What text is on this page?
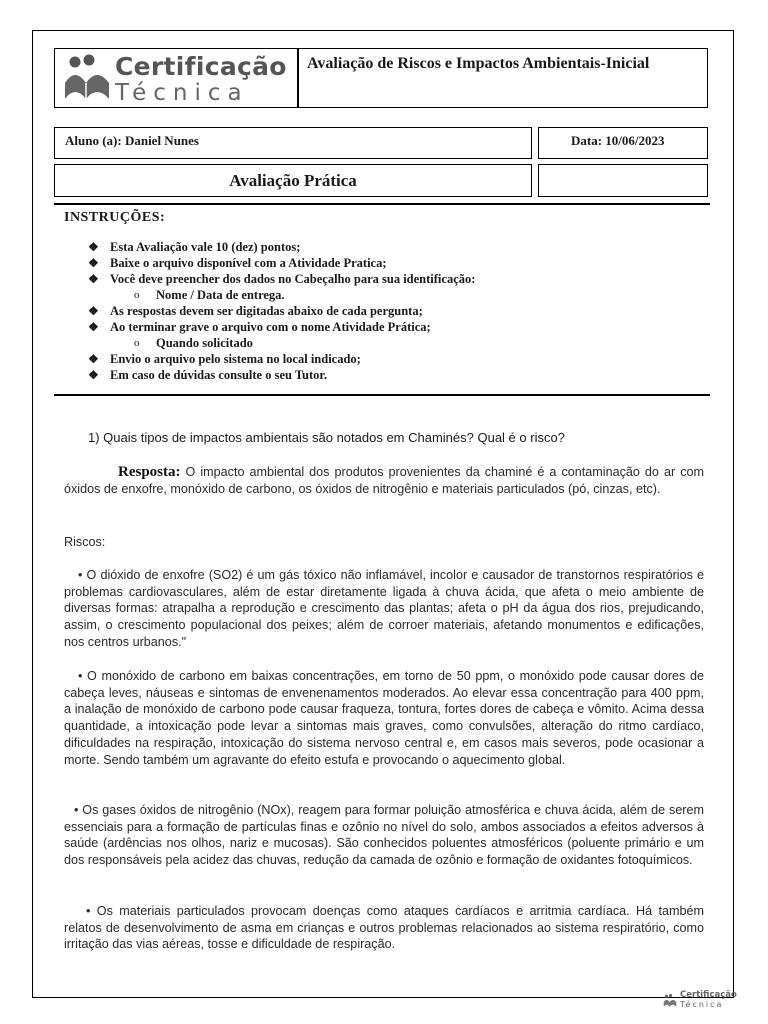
Certificação
Técnica
Avaliação de Riscos e Impactos Ambientais-Inicial
Aluno (a): Daniel Nunes	Data: 10/06/2023
Avaliação Prática
INSTRUÇÕES:
❖ Esta Avaliação vale 10 (dez) pontos;
❖ Baixe o arquivo disponível com a Atividade Pratica;
❖ Você deve preencher dos dados no Cabeçalho para sua identificação:
o	Nome / Data de entrega.
❖ As respostas devem ser digitadas abaixo de cada pergunta;
❖ Ao terminar grave o arquivo com o nome Atividade Prática;
o	Quando solicitado
❖ Envio o arquivo pelo sistema no local indicado;
❖ Em caso de dúvidas consulte o seu Tutor.
1) Quais tipos de impactos ambientais são notados em Chaminés? Qual é o risco?
Resposta: O impacto ambiental dos produtos provenientes da chaminé é a contaminação do ar com óxidos de enxofre, monóxido de carbono, os óxidos de nitrogênio e materiais particulados (pó, cinzas, etc).
Riscos:
• O dióxido de enxofre (SO2) é um gás tóxico não inflamável, incolor e causador de transtornos respiratórios e problemas cardiovasculares, além de estar diretamente ligada à chuva ácida, que afeta o meio ambiente de diversas formas: atrapalha a reprodução e crescimento das plantas; afeta o pH da água dos rios, prejudicando, assim, o crescimento populacional dos peixes; além de corroer materiais, afetando monumentos e edificações, nos centros urbanos."
• O monóxido de carbono em baixas concentrações, em torno de 50 ppm, o monóxido pode causar dores de cabeça leves, náuseas e sintomas de envenenamentos moderados. Ao elevar essa concentração para 400 ppm, a inalação de monóxido de carbono pode causar fraqueza, tontura, fortes dores de cabeça e vômito. Acima dessa quantidade, a intoxicação pode levar a sintomas mais graves, como convulsões, alteração do ritmo cardíaco, dificuldades na respiração, intoxicação do sistema nervoso central e, em casos mais severos, pode ocasionar a morte. Sendo também um agravante do efeito estufa e provocando o aquecimento global.
• Os gases óxidos de nitrogênio (NOx), reagem para formar poluição atmosférica e chuva ácida, além de serem essenciais para a formação de partículas finas e ozônio no nível do solo, ambos associados a efeitos adversos à saúde (ardências nos olhos, nariz e mucosas). São conhecidos poluentes atmosféricos (poluente primário e um dos responsáveis pela acidez das chuvas, redução da camada de ozônio e formação de oxidantes fotoquímicos.
• Os materiais particulados provocam doenças como ataques cardíacos e arritmia cardíaca. Há também relatos de desenvolvimento de asma em crianças e outros problemas relacionados ao sistema respiratório, como irritação das vias aéreas, tosse e dificuldade de respiração.
Certificação
Técnica
